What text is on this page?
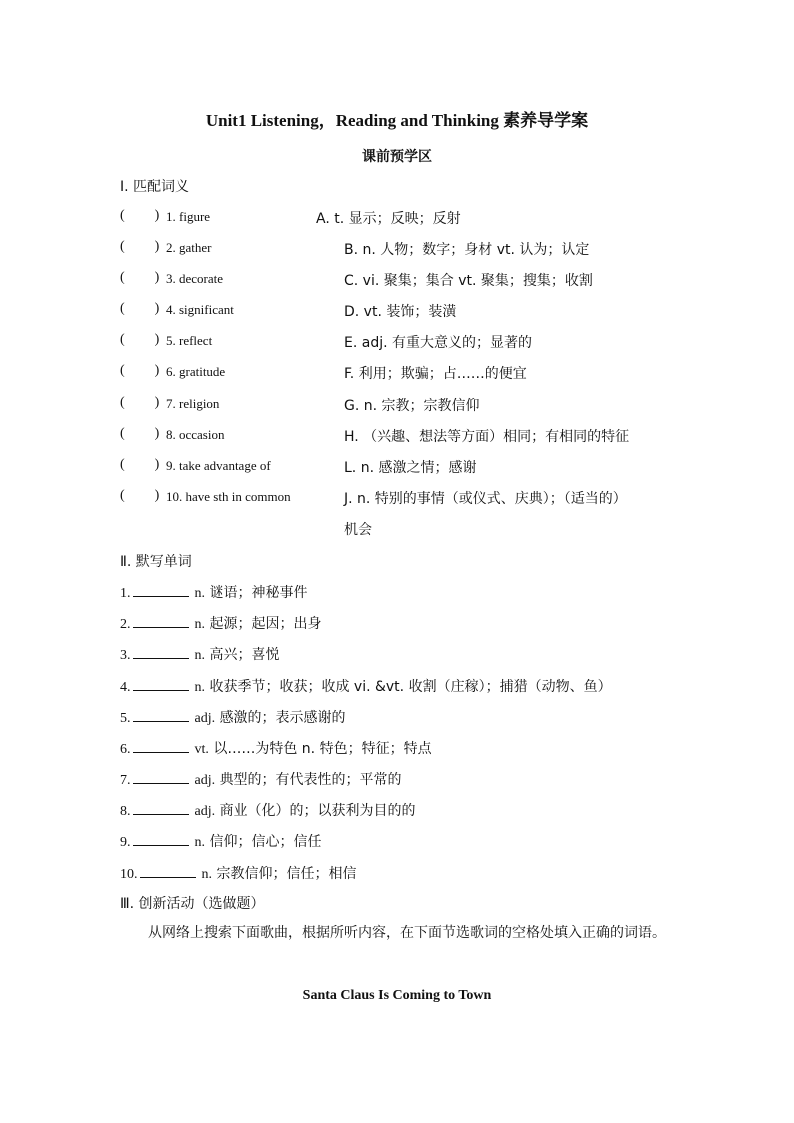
Unit1 Listening，Reading and Thinking 素养导学案
课前预学区
I. 匹配词义
( ) 1. figure	A. t. 显示；反映；反射
( ) 2. gather	B. n. 人物；数字；身材 vt. 认为；认定
( ) 3. decorate	C. vi. 聚集；集合 vt. 聚集；搜集；收割
( ) 4. significant	D. vt. 装饰；装潢
( ) 5. reflect	E. adj. 有重大意义的；显著的
( ) 6. gratitude	F. 利用；欺骗；占……的便宜
( ) 7. religion	G. n. 宗教；宗教信仰
( ) 8. occasion	H. （兴趣、想法等方面）相同；有相同的特征
( ) 9. take advantage of	L. n. 感激之情；感谢
( ) 10. have sth in common	J. n. 特别的事情（或仪式、庆典）；（适当的）
机会
Ⅱ. 默写单词
1.	n. 谜语；神秘事件
2.	n. 起源；起因；出身
3.	n. 高兴；喜悦
4.	n. 收获季节；收获；收成 vi. &vt. 收割（庄稼）；捕猎（动物、鱼）
5.	adj. 感激的；表示感谢的
6.	vt. 以……为特色 n. 特色；特征；特点
7.	adj. 典型的；有代表性的；平常的
8.	adj. 商业（化）的；以获利为目的的
9.	n. 信仰；信心；信任
10.	n. 宗教信仰；信任；相信
Ⅲ. 创新活动（选做题）
从网络上搜索下面歌曲，根据所听内容，在下面节选歌词的空格处填入正确的词语。
Santa Claus Is Coming to Town
